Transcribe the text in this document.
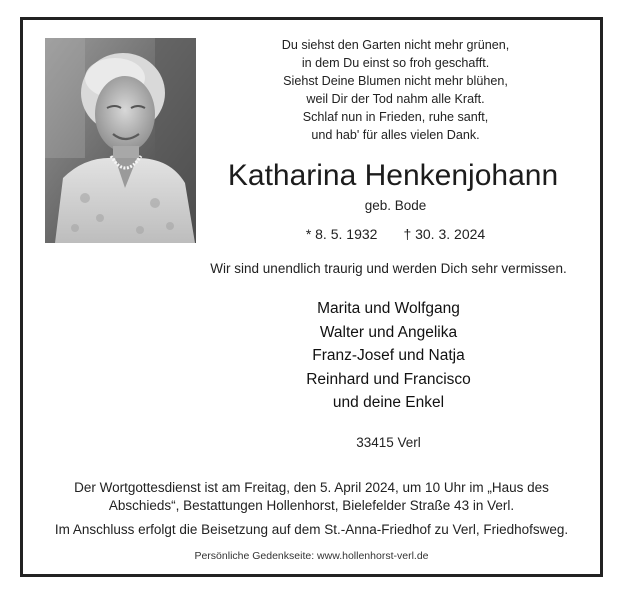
Du siehst den Garten nicht mehr grünen,
in dem Du einst so froh geschafft.
Siehst Deine Blumen nicht mehr blühen,
weil Dir der Tod nahm alle Kraft.
Schlaf nun in Frieden, ruhe sanft,
und hab' für alles vielen Dank.
Katharina Henkenjohann
geb. Bode
* 8. 5. 1932 † 30. 3. 2024
Wir sind unendlich traurig und werden Dich sehr vermissen.
Marita und Wolfgang
Walter und Angelika
Franz-Josef und Natja
Reinhard und Francisco
und deine Enkel
33415 Verl
Der Wortgottesdienst ist am Freitag, den 5. April 2024, um 10 Uhr im „Haus des
Abschieds“, Bestattungen Hollenhorst, Bielefelder Straße 43 in Verl.
Im Anschluss erfolgt die Beisetzung auf dem St.-Anna-Friedhof zu Verl, Friedhofsweg.
Persönliche Gedenkseite: www.hollenhorst-verl.de
